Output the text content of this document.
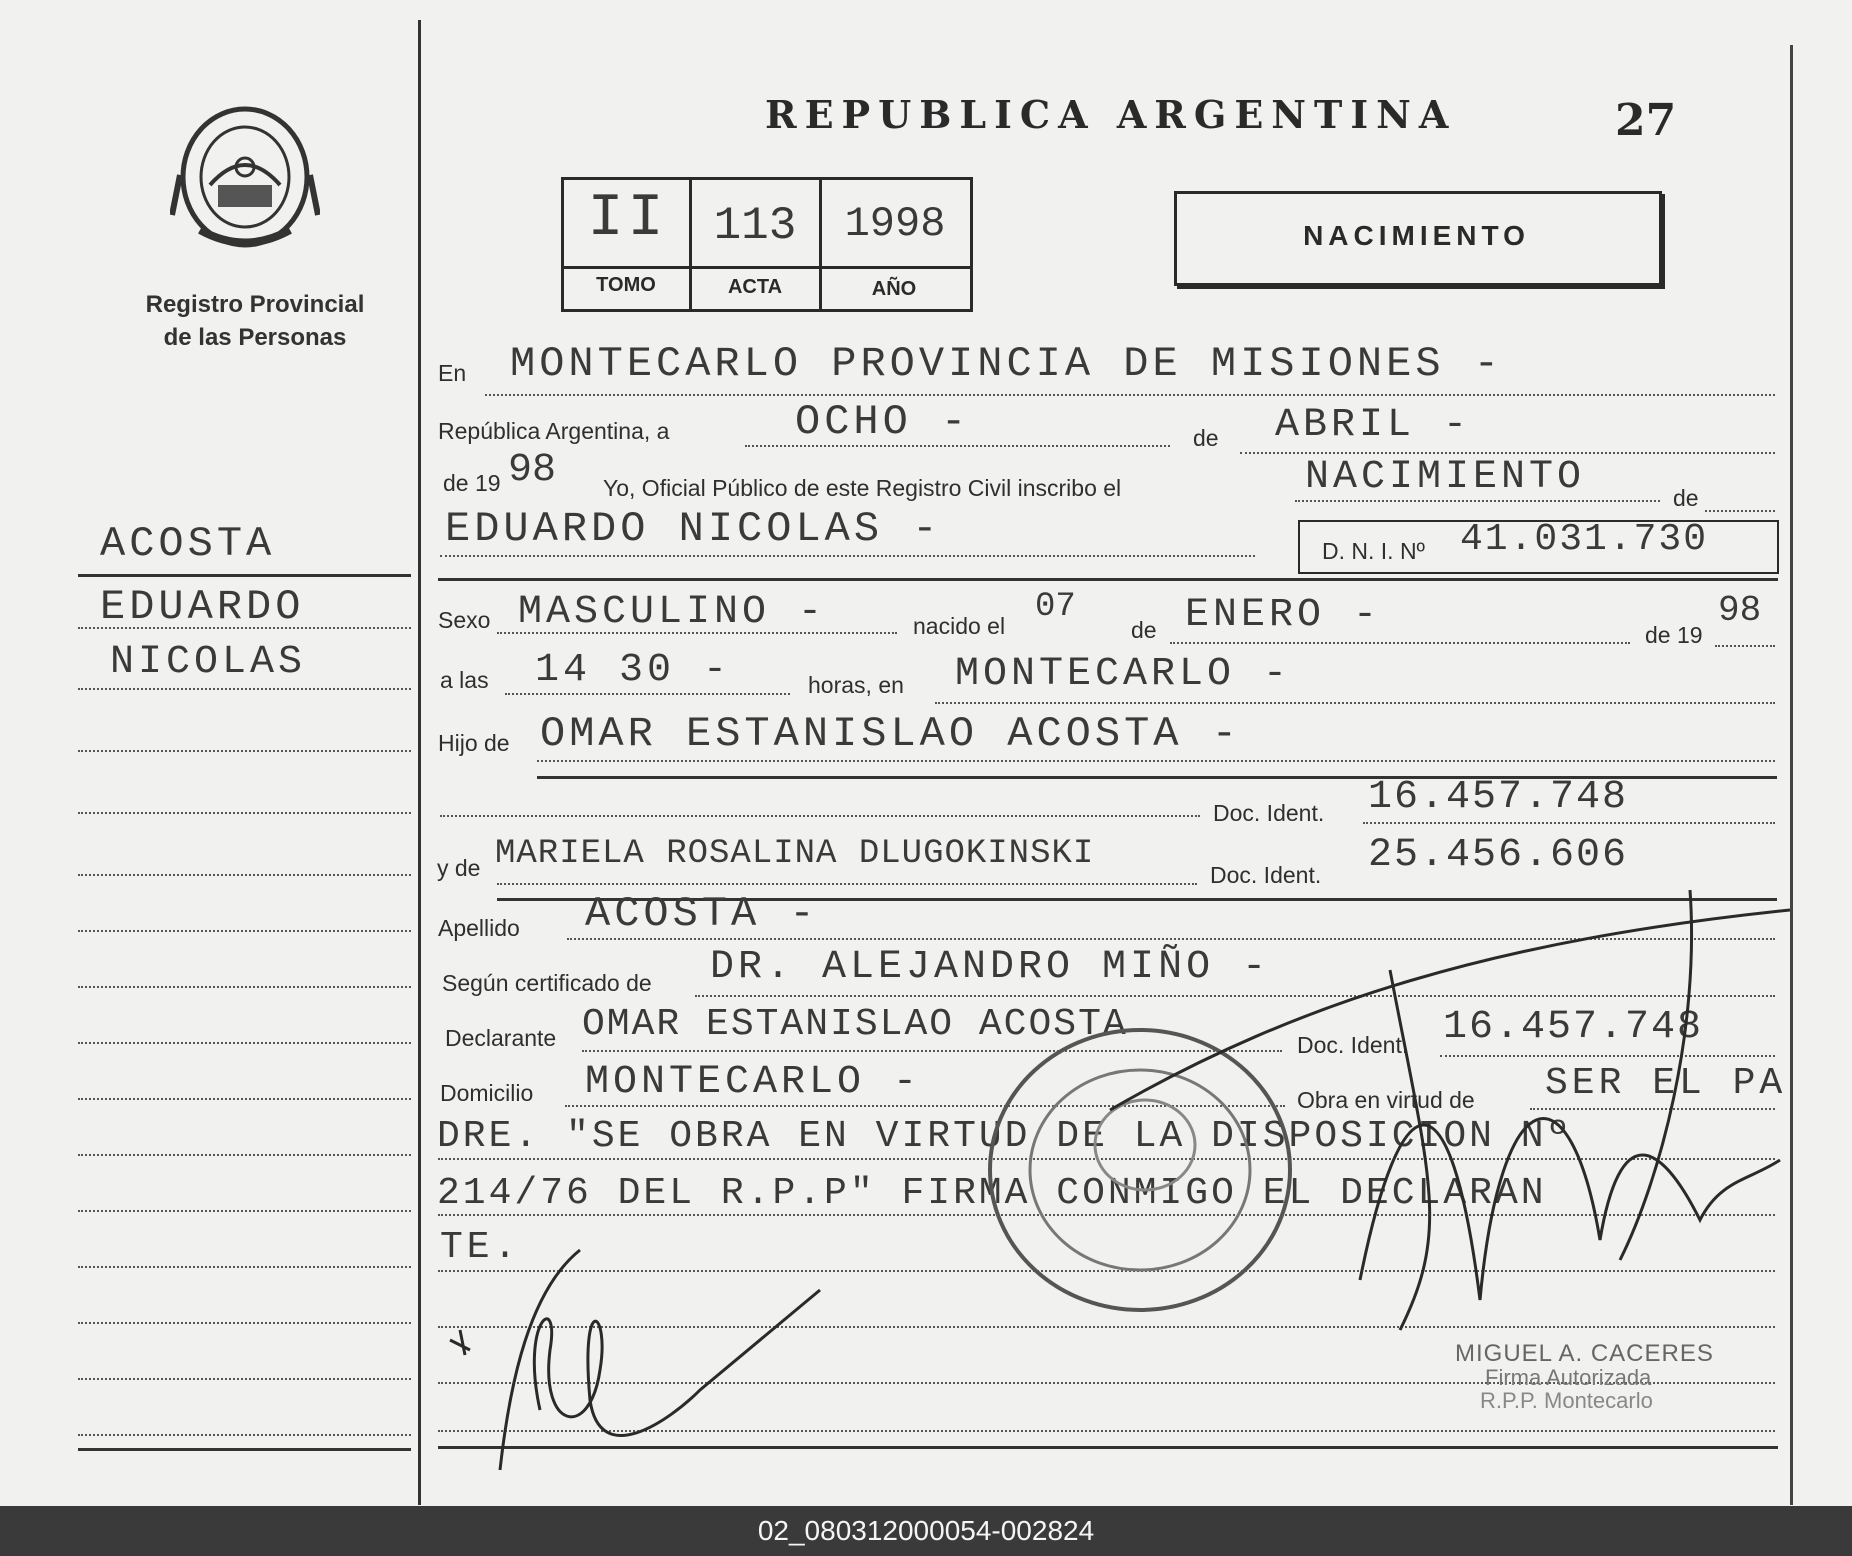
Registro Provincial
de las Personas
REPUBLICA ARGENTINA	27
II	113	1998
TOMO	ACTA	AÑO
NACIMIENTO
ACOSTA
EDUARDO
NICOLAS
En MONTECARLO PROVINCIA DE MISIONES -
República Argentina, a	OCHO -	de ABRIL -
de 19 98 Yo, Oficial Público de este Registro Civil inscribo el	NACIMIENTO	de
EDUARDO NICOLAS -	D. N. I. Nº 41.031.730
Sexo MASCULINO -	nacido el 07
de ENERO -	de 19
98
a las 14 30 -	horas, en MONTECARLO -
Hijo de OMAR ESTANISLAO ACOSTA -
Doc. Ident. 16.457.748
y de MARIELA ROSALINA DLUGOKINSKI
Doc. Ident. 25.456.606
Apellido ACOSTA -
Según certificado de DR. ALEJANDRO MIÑO -
Declarante OMAR ESTANISLAO ACOSTA	Doc. Ident. 16.457.748
Domicilio MONTECARLO -	Obra en virtud de SER EL PA
DRE. "SE OBRA EN VIRTUD DE LA DISPOSICION Nº
214/76 DEL R.P.P" FIRMA CONMIGO EL DECLARAN
TE.
MIGUEL A. CACERES
Firma Autorizada
R.P.P. Montecarlo
02_080312000054-002824
